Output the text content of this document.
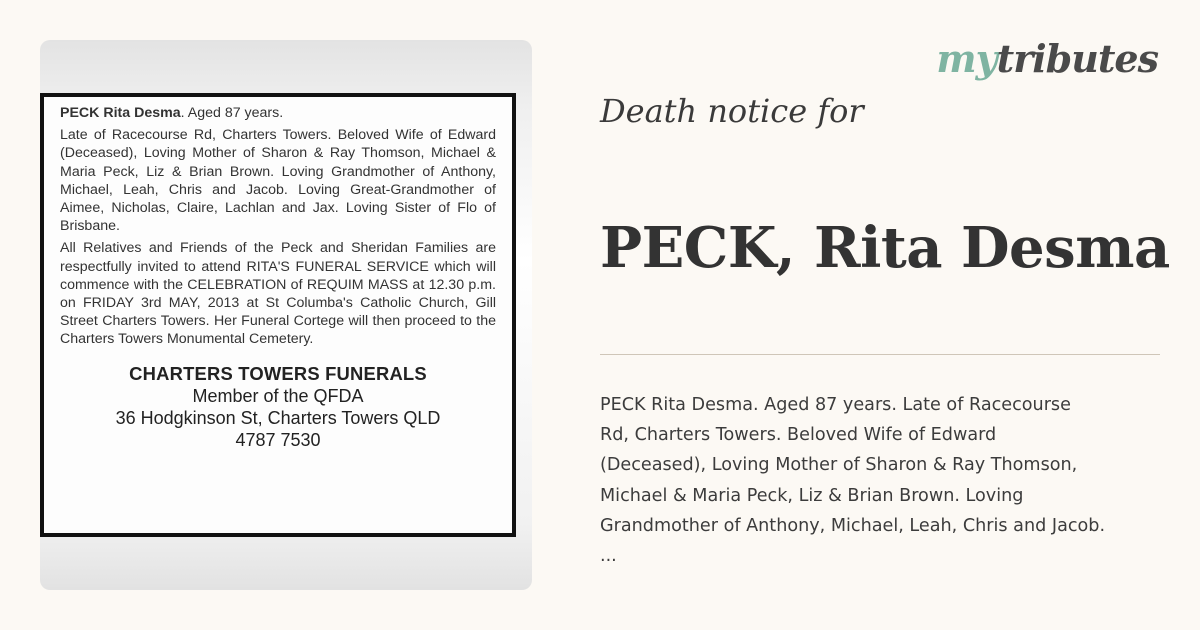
PECK Rita Desma. Aged 87 years.

Late of Racecourse Rd, Charters Towers. Beloved Wife of Edward (Deceased), Loving Mother of Sharon & Ray Thomson, Michael & Maria Peck, Liz & Brian Brown. Loving Grandmother of Anthony, Michael, Leah, Chris and Jacob. Loving Great-Grandmother of Aimee, Nicholas, Claire, Lachlan and Jax. Loving Sister of Flo of Brisbane.

All Relatives and Friends of the Peck and Sheridan Families are respectfully invited to attend RITA'S FUNERAL SERVICE which will commence with the CELEBRATION of REQUIM MASS at 12.30 p.m. on FRIDAY 3rd MAY, 2013 at St Columba's Catholic Church, Gill Street Charters Towers. Her Funeral Cortege will then proceed to the Charters Towers Monumental Cemetery.

CHARTERS TOWERS FUNERALS
Member of the QFDA
36 Hodgkinson St, Charters Towers QLD
4787 7530
mytributes
Death notice for
PECK, Rita Desma
PECK Rita Desma. Aged 87 years. Late of Racecourse
Rd, Charters Towers. Beloved Wife of Edward
(Deceased), Loving Mother of Sharon & Ray Thomson,
Michael & Maria Peck, Liz & Brian Brown. Loving
Grandmother of Anthony, Michael, Leah, Chris and Jacob.
...
